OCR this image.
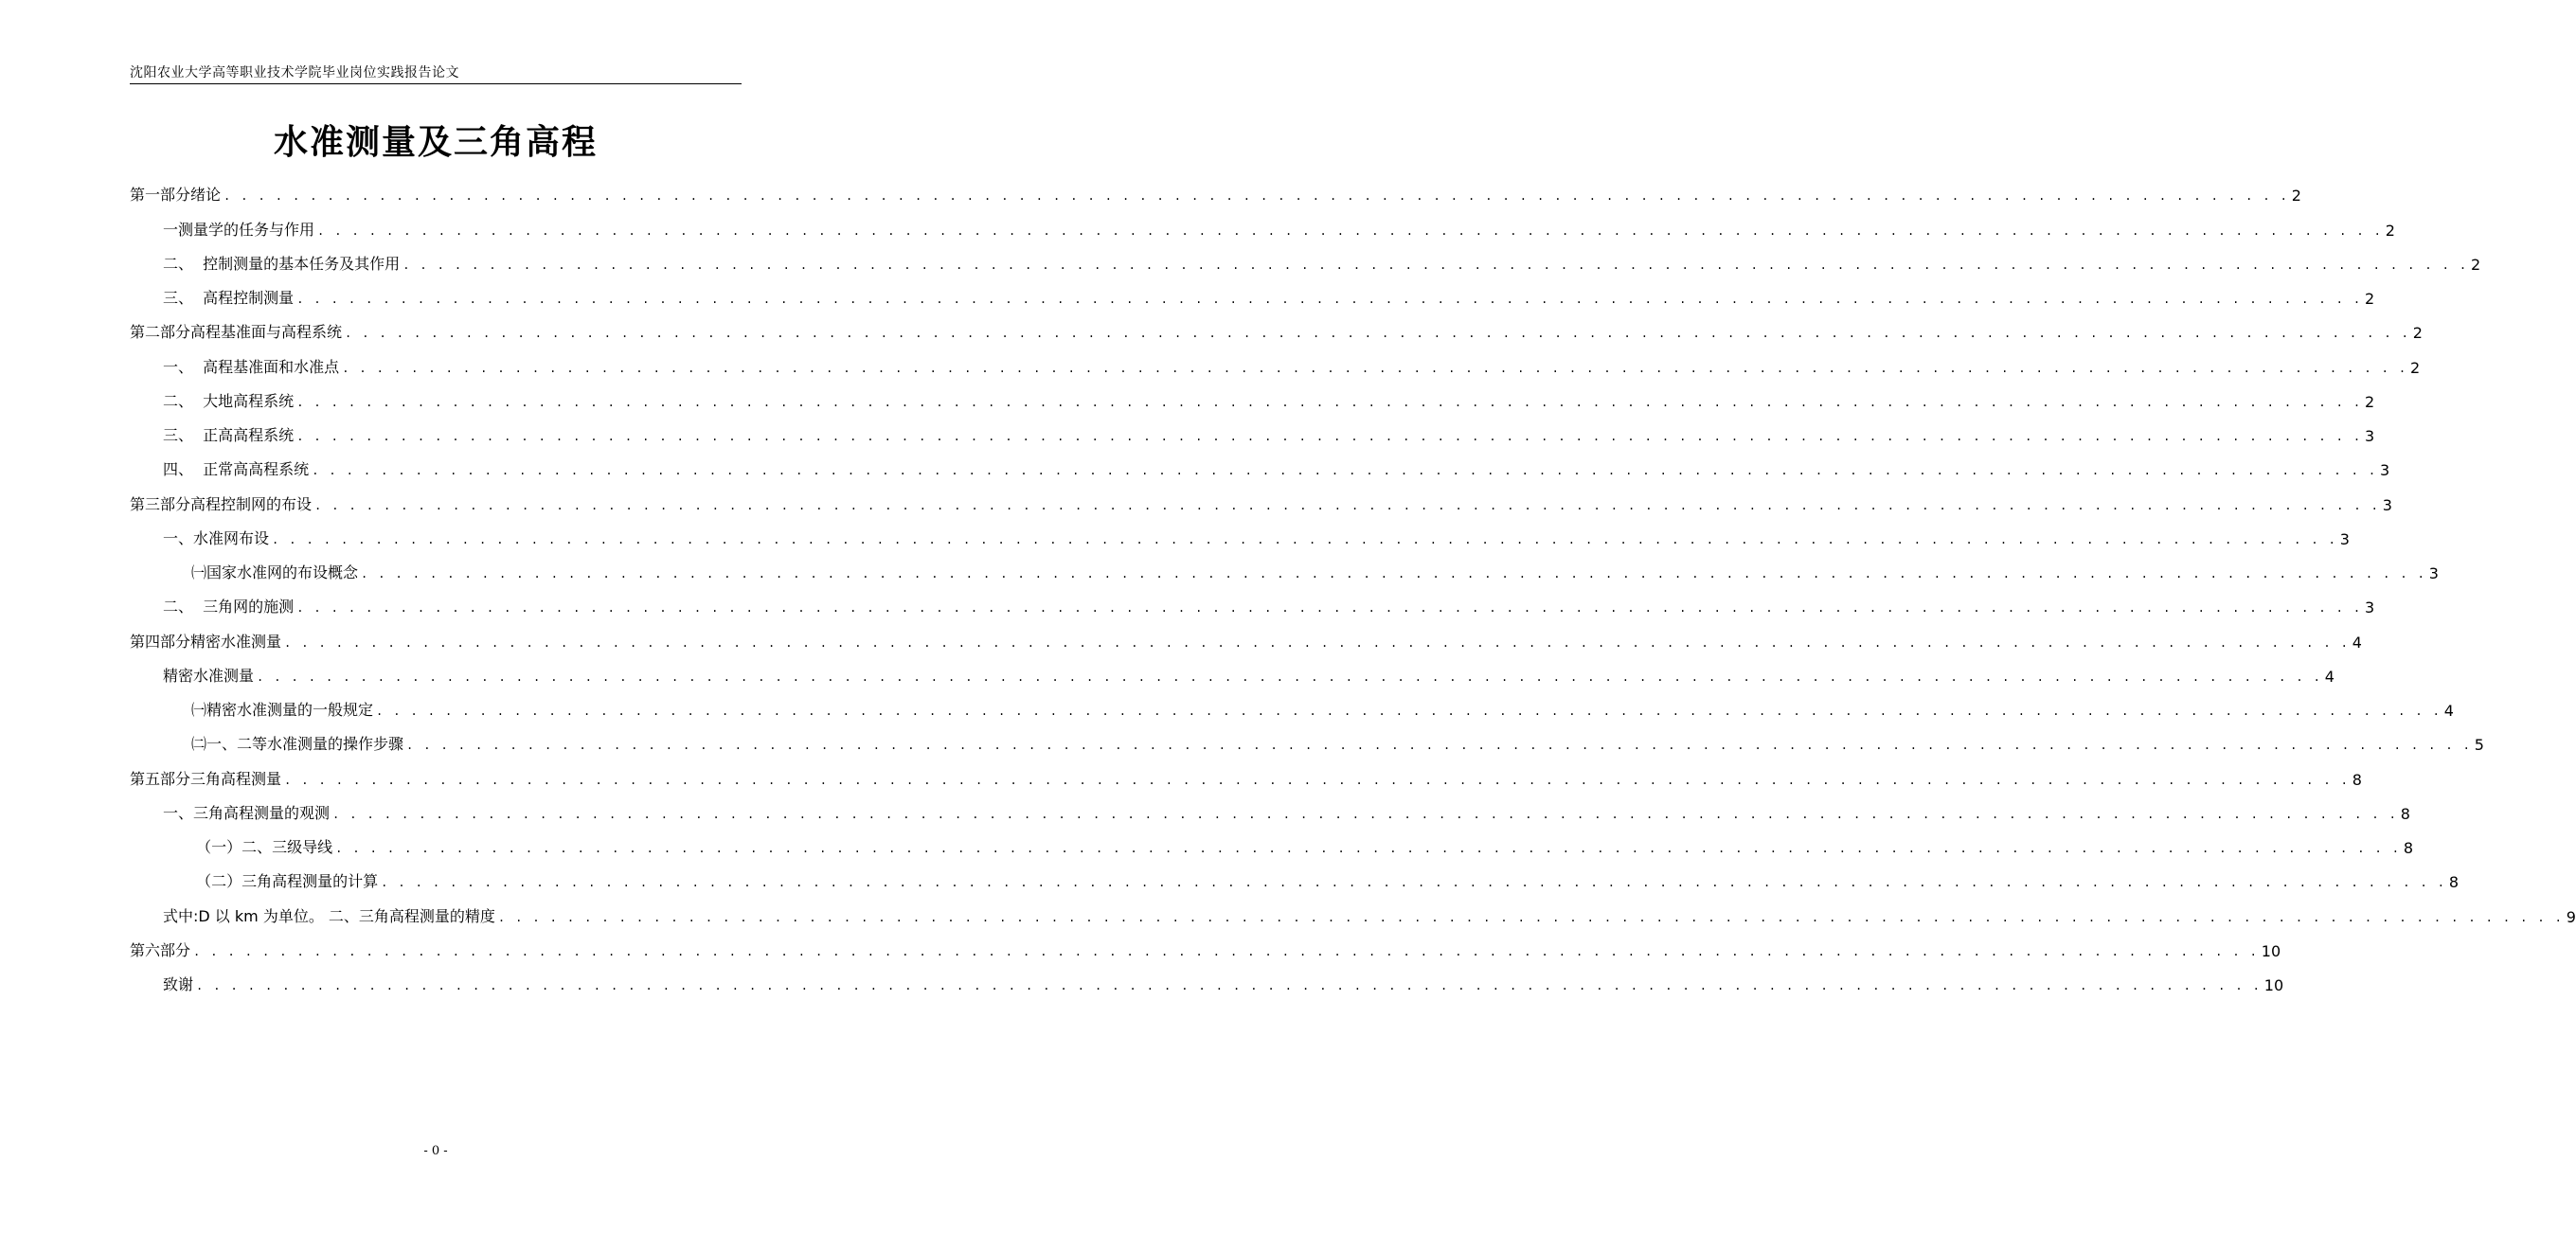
沈阳农业大学高等职业技术学院毕业岗位实践报告论文
水准测量及三角高程
第一部分绪论 . . . . . . . . . . . . . . . . . . . . . . . . . . . . . . . . . . . . . . . . . . . . . . . . . . . . . . . . . . . . . . . . . . . . . . . . . . . . . . . . . . . . . . . . . . . . . . . . . . . . . . . . . . . . . . . . . . . . . . . . 2
一测量学的任务与作用 . . . . . . . . . . . . . . . . . . . . . . . . . . . . . . . . . . . . . . . . . . . . . . . . . . . . . . . . . . . . . . . . . . . . . . . . . . . . . . . . . . . . . . . . . . . . . . . . . . . . . . . . . . . . . . . . . . . . . . . . 2
二、  控制测量的基本任务及其作用 . . . . . . . . . . . . . . . . . . . . . . . . . . . . . . . . . . . . . . . . . . . . . . . . . . . . . . . . . . . . . . . . . . . . . . . . . . . . . . . . . . . . . . . . . . . . . . . . . . . . . . . . . . . . . . . . . . . . . . . . 2
三、  高程控制测量 . . . . . . . . . . . . . . . . . . . . . . . . . . . . . . . . . . . . . . . . . . . . . . . . . . . . . . . . . . . . . . . . . . . . . . . . . . . . . . . . . . . . . . . . . . . . . . . . . . . . . . . . . . . . . . . . . . . . . . . . 2
第二部分高程基准面与高程系统 . . . . . . . . . . . . . . . . . . . . . . . . . . . . . . . . . . . . . . . . . . . . . . . . . . . . . . . . . . . . . . . . . . . . . . . . . . . . . . . . . . . . . . . . . . . . . . . . . . . . . . . . . . . . . . . . . . . . . . . . 2
一、  高程基准面和水准点 . . . . . . . . . . . . . . . . . . . . . . . . . . . . . . . . . . . . . . . . . . . . . . . . . . . . . . . . . . . . . . . . . . . . . . . . . . . . . . . . . . . . . . . . . . . . . . . . . . . . . . . . . . . . . . . . . . . . . . . . 2
二、  大地高程系统 . . . . . . . . . . . . . . . . . . . . . . . . . . . . . . . . . . . . . . . . . . . . . . . . . . . . . . . . . . . . . . . . . . . . . . . . . . . . . . . . . . . . . . . . . . . . . . . . . . . . . . . . . . . . . . . . . . . . . . . . 2
三、  正高高程系统 . . . . . . . . . . . . . . . . . . . . . . . . . . . . . . . . . . . . . . . . . . . . . . . . . . . . . . . . . . . . . . . . . . . . . . . . . . . . . . . . . . . . . . . . . . . . . . . . . . . . . . . . . . . . . . . . . . . . . . . . 3
四、  正常高高程系统 . . . . . . . . . . . . . . . . . . . . . . . . . . . . . . . . . . . . . . . . . . . . . . . . . . . . . . . . . . . . . . . . . . . . . . . . . . . . . . . . . . . . . . . . . . . . . . . . . . . . . . . . . . . . . . . . . . . . . . . . 3
第三部分高程控制网的布设 . . . . . . . . . . . . . . . . . . . . . . . . . . . . . . . . . . . . . . . . . . . . . . . . . . . . . . . . . . . . . . . . . . . . . . . . . . . . . . . . . . . . . . . . . . . . . . . . . . . . . . . . . . . . . . . . . . . . . . . . 3
一、水准网布设 . . . . . . . . . . . . . . . . . . . . . . . . . . . . . . . . . . . . . . . . . . . . . . . . . . . . . . . . . . . . . . . . . . . . . . . . . . . . . . . . . . . . . . . . . . . . . . . . . . . . . . . . . . . . . . . . . . . . . . . . 3
㈠国家水准网的布设概念 . . . . . . . . . . . . . . . . . . . . . . . . . . . . . . . . . . . . . . . . . . . . . . . . . . . . . . . . . . . . . . . . . . . . . . . . . . . . . . . . . . . . . . . . . . . . . . . . . . . . . . . . . . . . . . . . . . . . . . . . 3
二、  三角网的施测 . . . . . . . . . . . . . . . . . . . . . . . . . . . . . . . . . . . . . . . . . . . . . . . . . . . . . . . . . . . . . . . . . . . . . . . . . . . . . . . . . . . . . . . . . . . . . . . . . . . . . . . . . . . . . . . . . . . . . . . . 3
第四部分精密水准测量 . . . . . . . . . . . . . . . . . . . . . . . . . . . . . . . . . . . . . . . . . . . . . . . . . . . . . . . . . . . . . . . . . . . . . . . . . . . . . . . . . . . . . . . . . . . . . . . . . . . . . . . . . . . . . . . . . . . . . . . . 4
精密水准测量 . . . . . . . . . . . . . . . . . . . . . . . . . . . . . . . . . . . . . . . . . . . . . . . . . . . . . . . . . . . . . . . . . . . . . . . . . . . . . . . . . . . . . . . . . . . . . . . . . . . . . . . . . . . . . . . . . . . . . . . . 4
㈠精密水准测量的一般规定 . . . . . . . . . . . . . . . . . . . . . . . . . . . . . . . . . . . . . . . . . . . . . . . . . . . . . . . . . . . . . . . . . . . . . . . . . . . . . . . . . . . . . . . . . . . . . . . . . . . . . . . . . . . . . . . . . . . . . . . . 4
㈡一、二等水准测量的操作步骤 . . . . . . . . . . . . . . . . . . . . . . . . . . . . . . . . . . . . . . . . . . . . . . . . . . . . . . . . . . . . . . . . . . . . . . . . . . . . . . . . . . . . . . . . . . . . . . . . . . . . . . . . . . . . . . . . . . . . . . . . 5
第五部分三角高程测量 . . . . . . . . . . . . . . . . . . . . . . . . . . . . . . . . . . . . . . . . . . . . . . . . . . . . . . . . . . . . . . . . . . . . . . . . . . . . . . . . . . . . . . . . . . . . . . . . . . . . . . . . . . . . . . . . . . . . . . . . 8
一、三角高程测量的观测 . . . . . . . . . . . . . . . . . . . . . . . . . . . . . . . . . . . . . . . . . . . . . . . . . . . . . . . . . . . . . . . . . . . . . . . . . . . . . . . . . . . . . . . . . . . . . . . . . . . . . . . . . . . . . . . . . . . . . . . . 8
（一）二、三级导线 . . . . . . . . . . . . . . . . . . . . . . . . . . . . . . . . . . . . . . . . . . . . . . . . . . . . . . . . . . . . . . . . . . . . . . . . . . . . . . . . . . . . . . . . . . . . . . . . . . . . . . . . . . . . . . . . . . . . . . . . 8
（二）三角高程测量的计算 . . . . . . . . . . . . . . . . . . . . . . . . . . . . . . . . . . . . . . . . . . . . . . . . . . . . . . . . . . . . . . . . . . . . . . . . . . . . . . . . . . . . . . . . . . . . . . . . . . . . . . . . . . . . . . . . . . . . . . . . 8
式中:D 以 km 为单位。 二、三角高程测量的精度 . . . . . . . . . . . . . . . . . . . . . . . . . . . . . . . . . . . . . . . . . . . . . . . . . . . . . . . . . . . . . . . . . . . . . . . . . . . . . . . . . . . . . . . . . . . . . . . . . . . . . . . . . . . . . . . . . . . . . . . . 9
第六部分 . . . . . . . . . . . . . . . . . . . . . . . . . . . . . . . . . . . . . . . . . . . . . . . . . . . . . . . . . . . . . . . . . . . . . . . . . . . . . . . . . . . . . . . . . . . . . . . . . . . . . . . . . . . . . . . . . . . . . . . . 10
致谢 . . . . . . . . . . . . . . . . . . . . . . . . . . . . . . . . . . . . . . . . . . . . . . . . . . . . . . . . . . . . . . . . . . . . . . . . . . . . . . . . . . . . . . . . . . . . . . . . . . . . . . . . . . . . . . . . . . . . . . . . 10
- 0 -
